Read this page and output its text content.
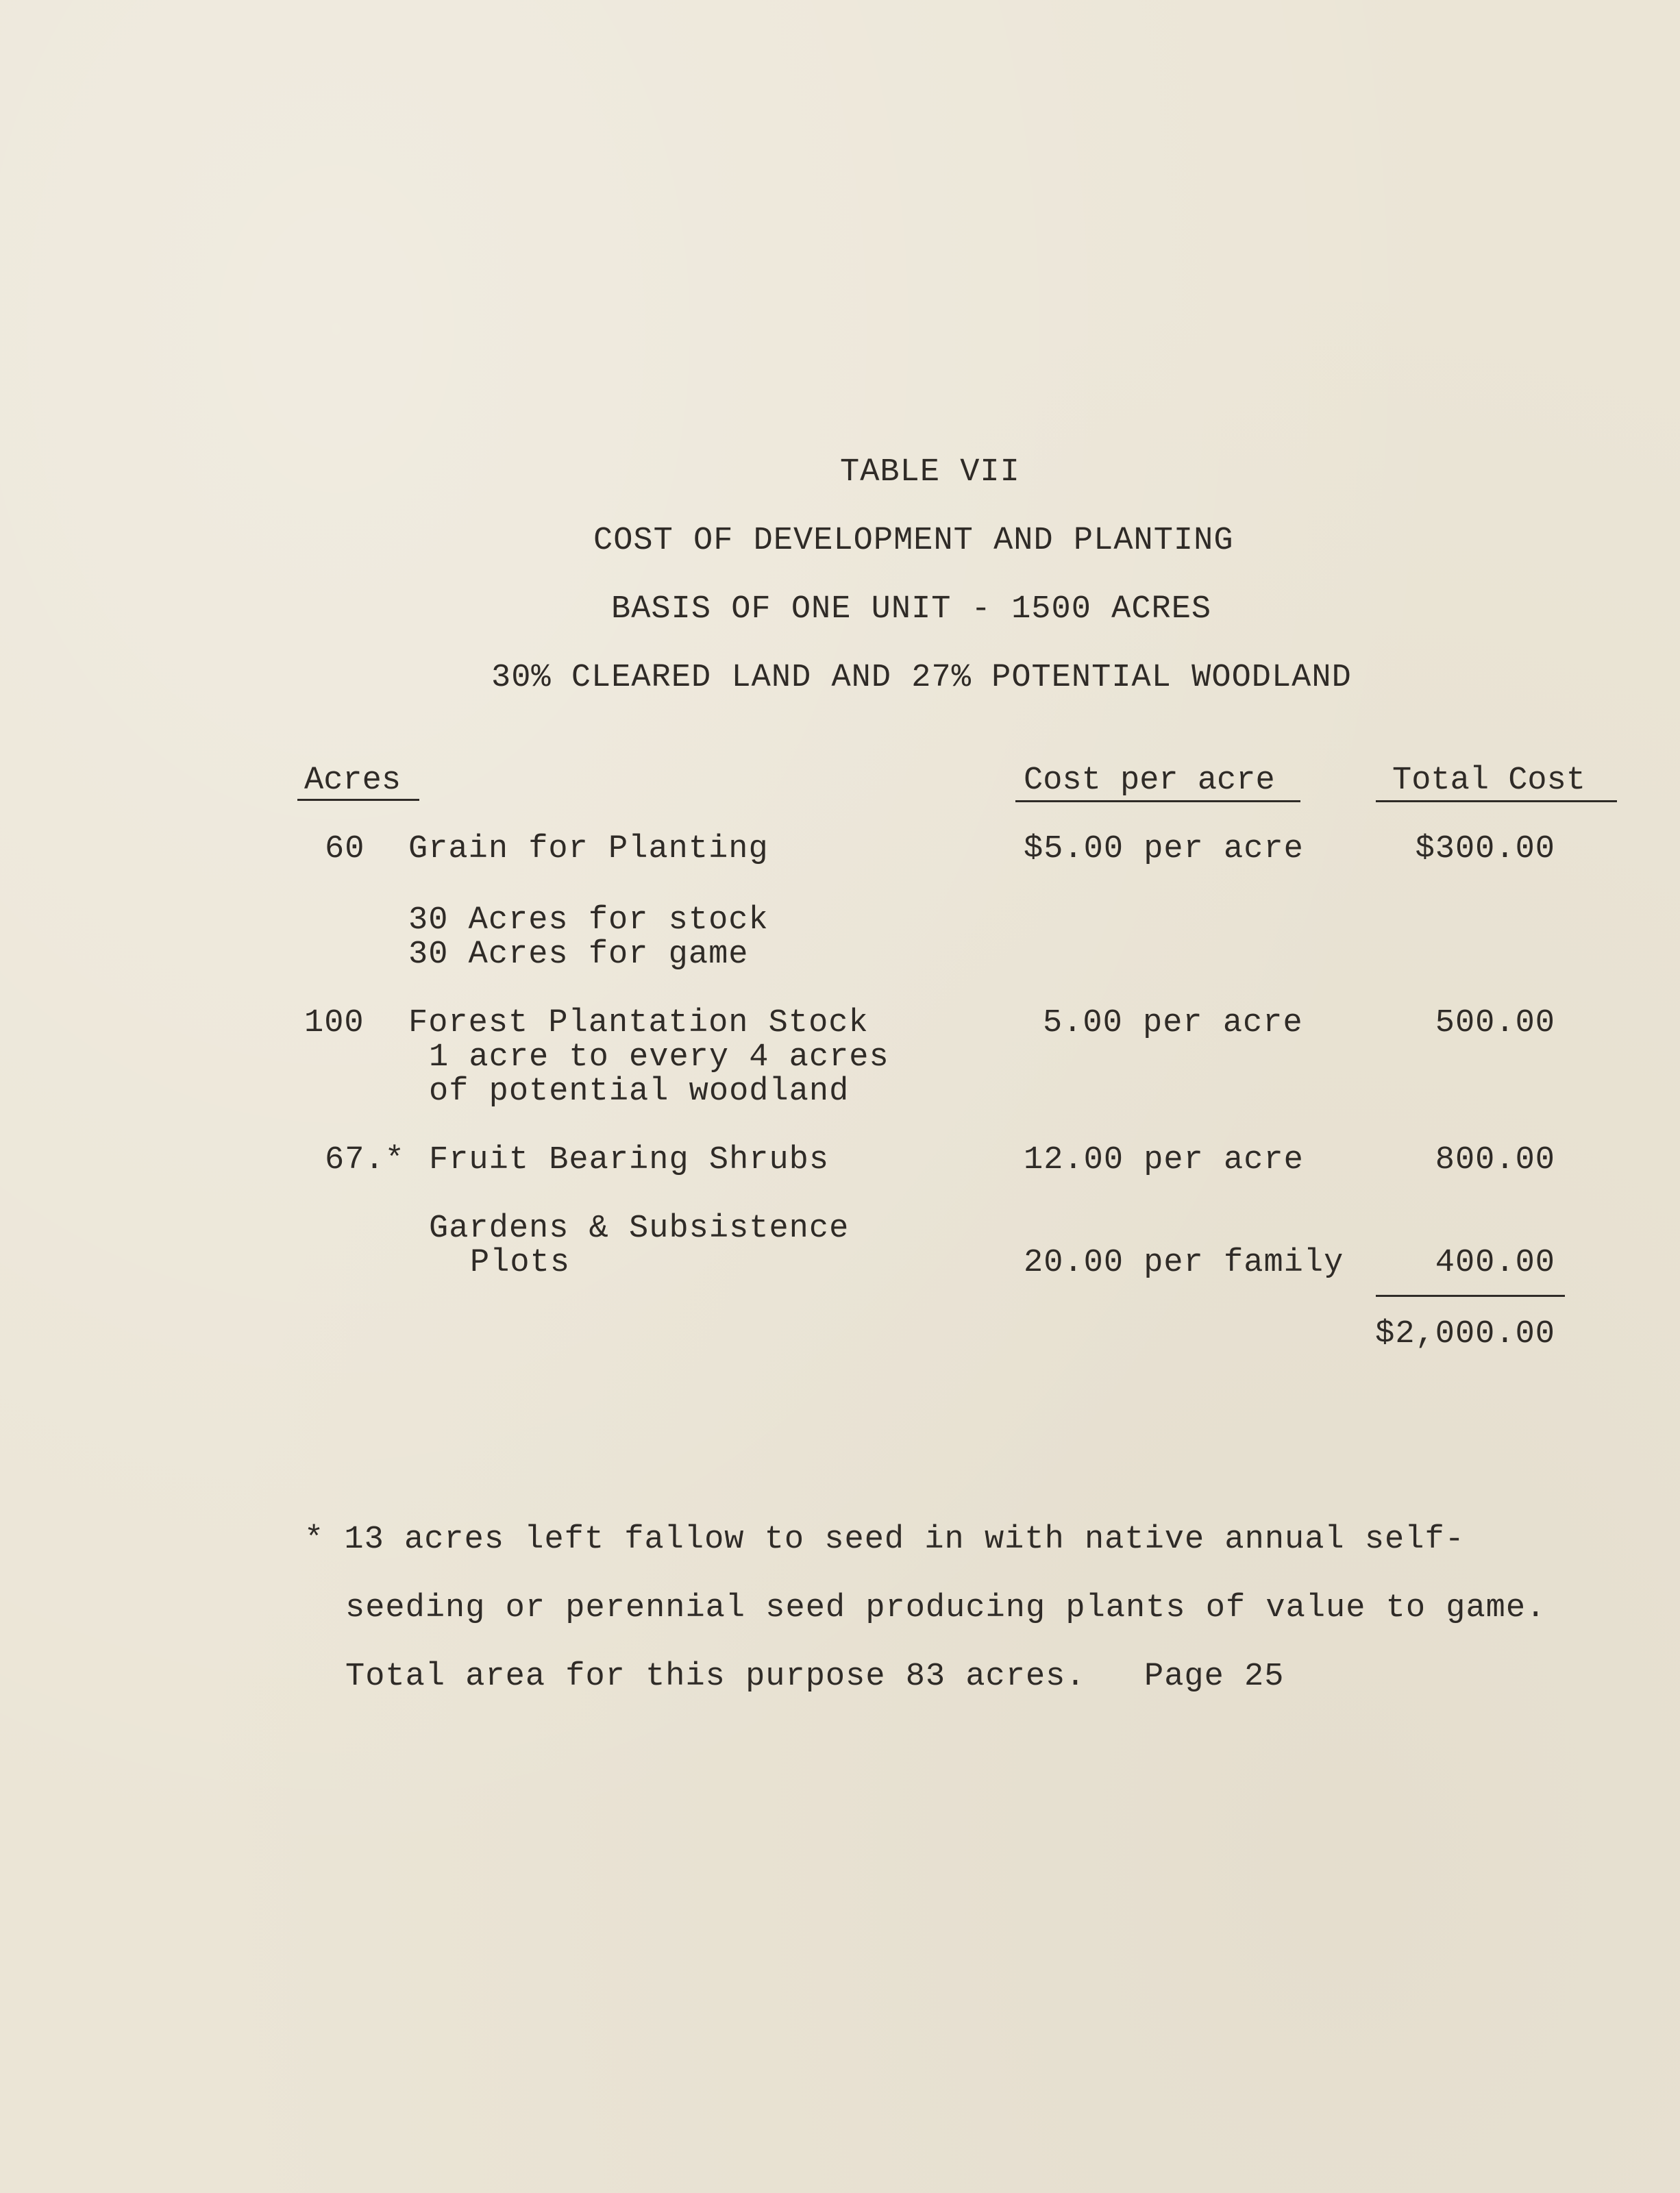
TABLE VII
COST OF DEVELOPMENT AND PLANTING
BASIS OF ONE UNIT - 1500 ACRES
30% CLEARED LAND AND 27% POTENTIAL WOODLAND
Acres	Cost per acre	Total Cost
60 Grain for Planting	$5.00 per acre	$300.00
30 Acres for stock
30 Acres for game
100 Forest Plantation Stock	5.00 per acre	500.00
1 acre to every 4 acres
of potential woodland
67.* Fruit Bearing Shrubs	12.00 per acre	800.00
Gardens & Subsistence
Plots	20.00 per family	400.00
$2,000.00
* 13 acres left fallow to seed in with native annual self-
seeding or perennial seed producing plants of value to game.
Total area for this purpose 83 acres. Page 25
